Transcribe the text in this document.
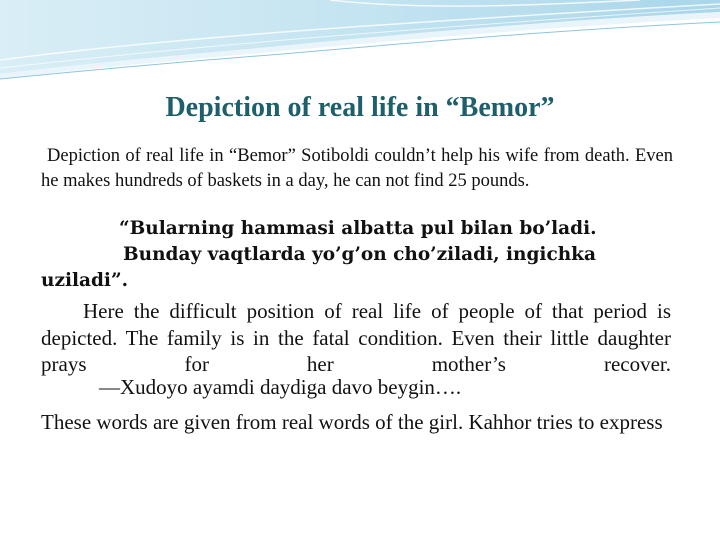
Depiction of real life in “Bemor”

Depiction of real life in “Bemor” Sotiboldi couldn’t help his wife from death. Even he makes hundreds of baskets in a day, he can not find 25 pounds.

“Bularning hammasi albatta pul bilan bo’ladi.
Bunday vaqtlarda yo’g’on cho’ziladi, ingichka
uziladi”.

Here the difficult position of real life of people of that period is depicted. The family is in the fatal condition. Even their little daughter prays for her mother’s recover.

―Xudoyo ayamdi daydiga davo beygin….

These words are given from real words of the girl. Kahhor tries to express
